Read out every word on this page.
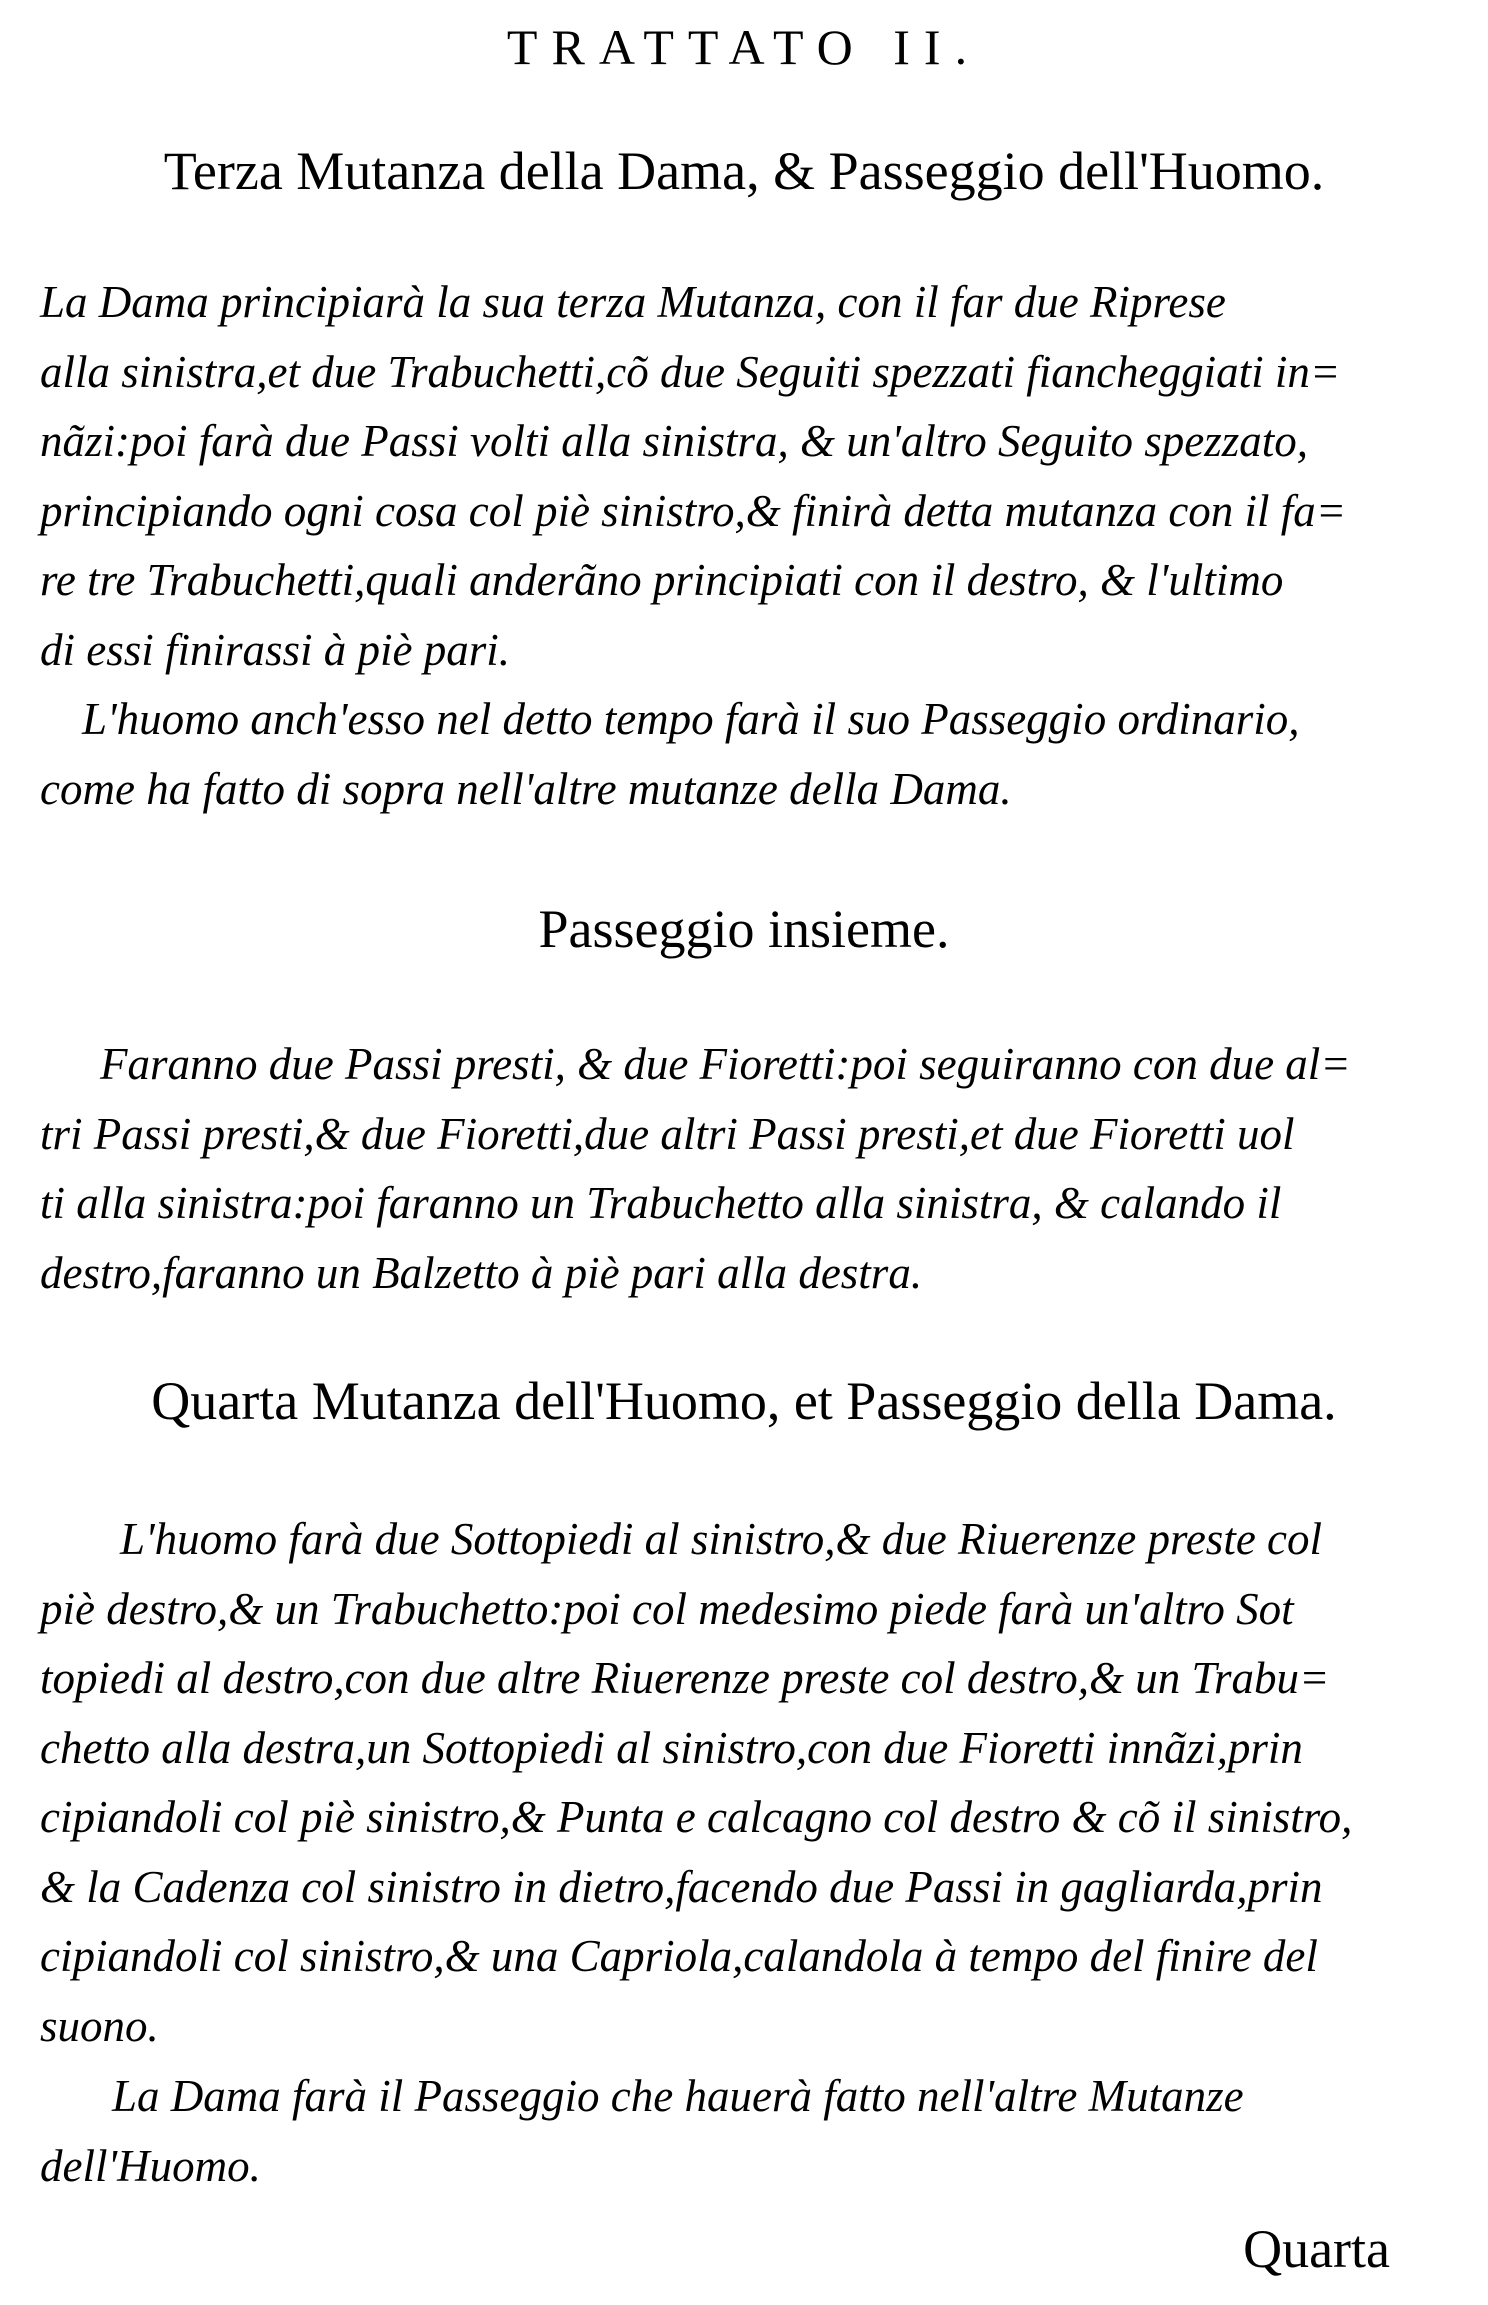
TRATTATO II.
Terza Mutanza della Dama, & Passeggio dell'Huomo.
La Dama principiarà la sua terza Mutanza, con il far due Riprese
alla sinistra,et due Trabuchetti,cõ due Seguiti spezzati fiancheggiati in=
nãzi:poi farà due Passi volti alla sinistra, & un'altro Seguito spezzato,
principiando ogni cosa col piè sinistro,& finirà detta mutanza con il fa=
re tre Trabuchetti,quali anderãno principiati con il destro, & l'ultimo
di essi finirassi à piè pari.
L'huomo anch'esso nel detto tempo farà il suo Passeggio ordinario,
come ha fatto di sopra nell'altre mutanze della Dama.
Passeggio insieme.
Faranno due Passi presti, & due Fioretti:poi seguiranno con due al=
tri Passi presti,& due Fioretti,due altri Passi presti,et due Fioretti uol
ti alla sinistra:poi faranno un Trabuchetto alla sinistra, & calando il
destro,faranno un Balzetto à piè pari alla destra.
Quarta Mutanza dell'Huomo, et Passeggio della Dama.
L'huomo farà due Sottopiedi al sinistro,& due Riuerenze preste col
piè destro,& un Trabuchetto:poi col medesimo piede farà un'altro Sot
topiedi al destro,con due altre Riuerenze preste col destro,& un Trabu=
chetto alla destra,un Sottopiedi al sinistro,con due Fioretti innãzi,prin
cipiandoli col piè sinistro,& Punta e calcagno col destro & cõ il sinistro,
& la Cadenza col sinistro in dietro,facendo due Passi in gagliarda,prin
cipiandoli col sinistro,& una Capriola,calandola à tempo del finire del
suono.
La Dama farà il Passeggio che hauerà fatto nell'altre Mutanze
dell'Huomo.
Quarta
